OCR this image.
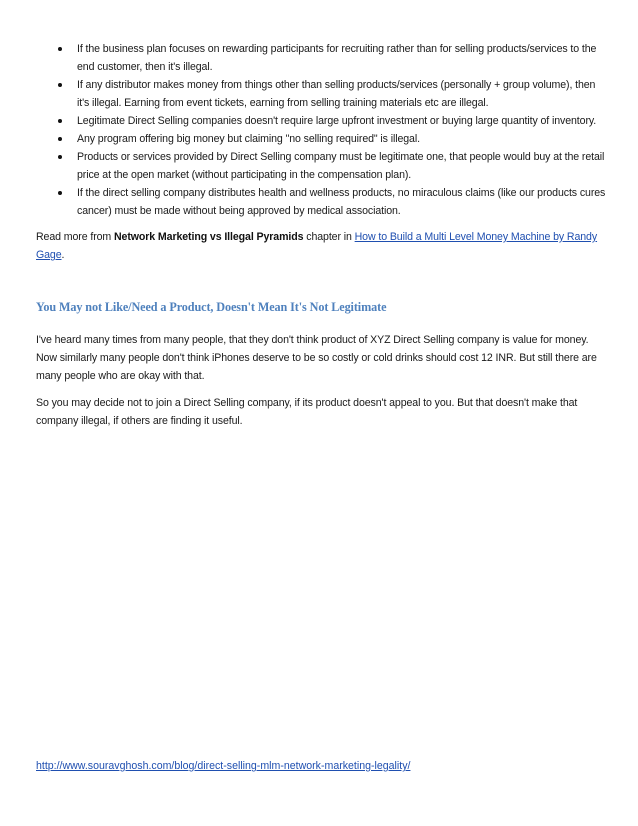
If the business plan focuses on rewarding participants for recruiting rather than for selling products/services to the end customer, then it's illegal.
If any distributor makes money from things other than selling products/services (personally + group volume), then it's illegal. Earning from event tickets, earning from selling training materials etc are illegal.
Legitimate Direct Selling companies doesn't require large upfront investment or buying large quantity of inventory.
Any program offering big money but claiming "no selling required" is illegal.
Products or services provided by Direct Selling company must be legitimate one, that people would buy at the retail price at the open market (without participating in the compensation plan).
If the direct selling company distributes health and wellness products, no miraculous claims (like our products cures cancer) must be made without being approved by medical association.

Read more from Network Marketing vs Illegal Pyramids chapter in How to Build a Multi Level Money Machine by Randy Gage.

You May not Like/Need a Product, Doesn't Mean It's Not Legitimate

I've heard many times from many people, that they don't think product of XYZ Direct Selling company is value for money. Now similarly many people don't think iPhones deserve to be so costly or cold drinks should cost 12 INR. But still there are many people who are okay with that.

So you may decide not to join a Direct Selling company, if its product doesn't appeal to you. But that doesn't make that company illegal, if others are finding it useful.

http://www.souravghosh.com/blog/direct-selling-mlm-network-marketing-legality/
